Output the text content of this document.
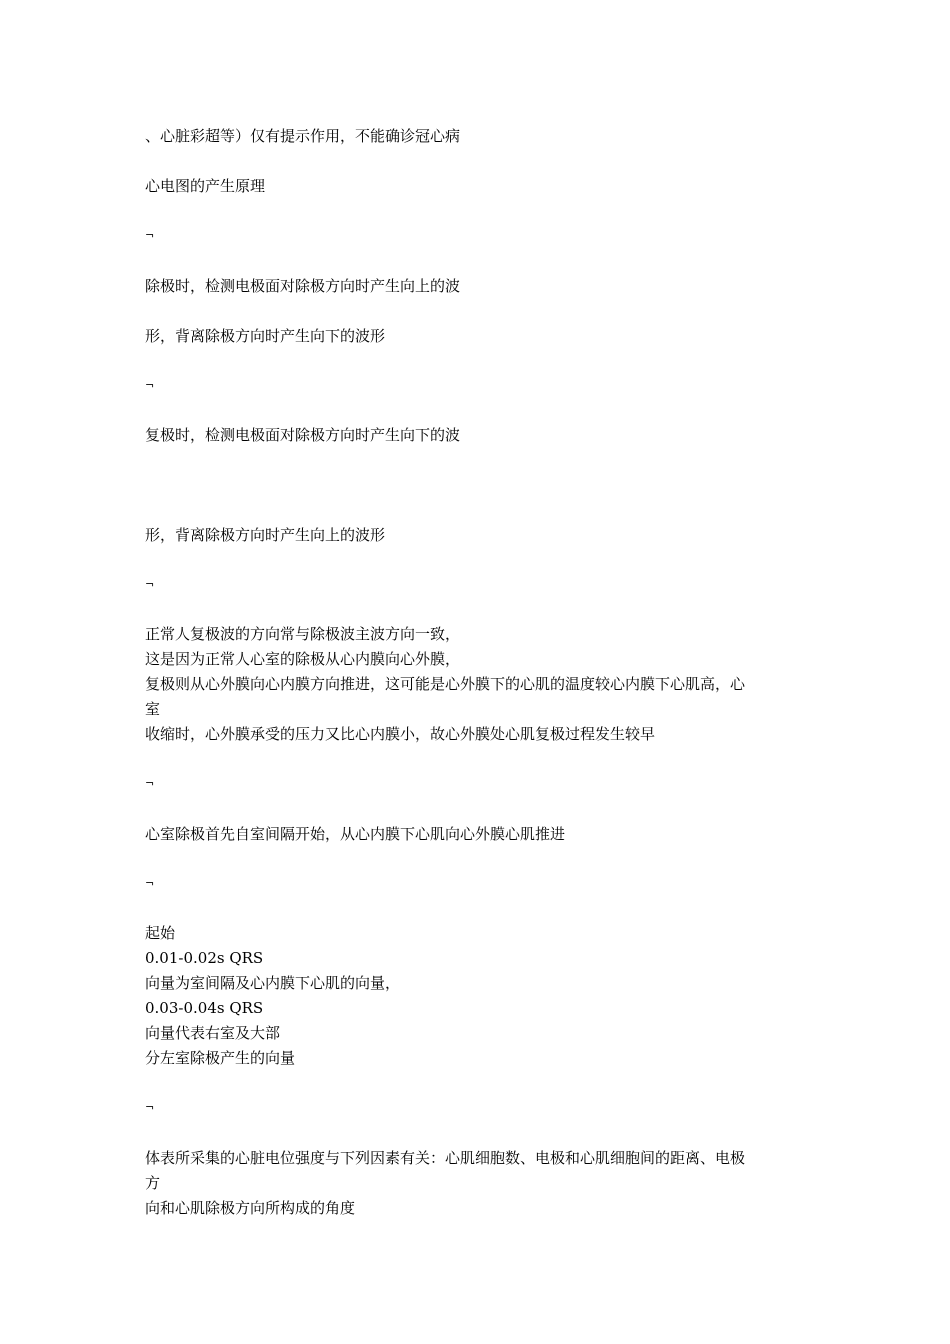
、心脏彩超等）仅有提示作用，不能确诊冠心病
心电图的产生原理
¬
除极时，检测电极面对除极方向时产生向上的波
形，背离除极方向时产生向下的波形
¬
复极时，检测电极面对除极方向时产生向下的波
形，背离除极方向时产生向上的波形
¬
正常人复极波的方向常与除极波主波方向一致，
这是因为正常人心室的除极从心内膜向心外膜，
复极则从心外膜向心内膜方向推进，这可能是心外膜下的心肌的温度较心内膜下心肌高，心
室
收缩时，心外膜承受的压力又比心内膜小，故心外膜处心肌复极过程发生较早
¬
心室除极首先自室间隔开始，从心内膜下心肌向心外膜心肌推进
¬
起始
0.01-0.02s QRS
向量为室间隔及心内膜下心肌的向量，
0.03-0.04s QRS
向量代表右室及大部
分左室除极产生的向量
¬
体表所采集的心脏电位强度与下列因素有关：心肌细胞数、电极和心肌细胞间的距离、电极
方
向和心肌除极方向所构成的角度
